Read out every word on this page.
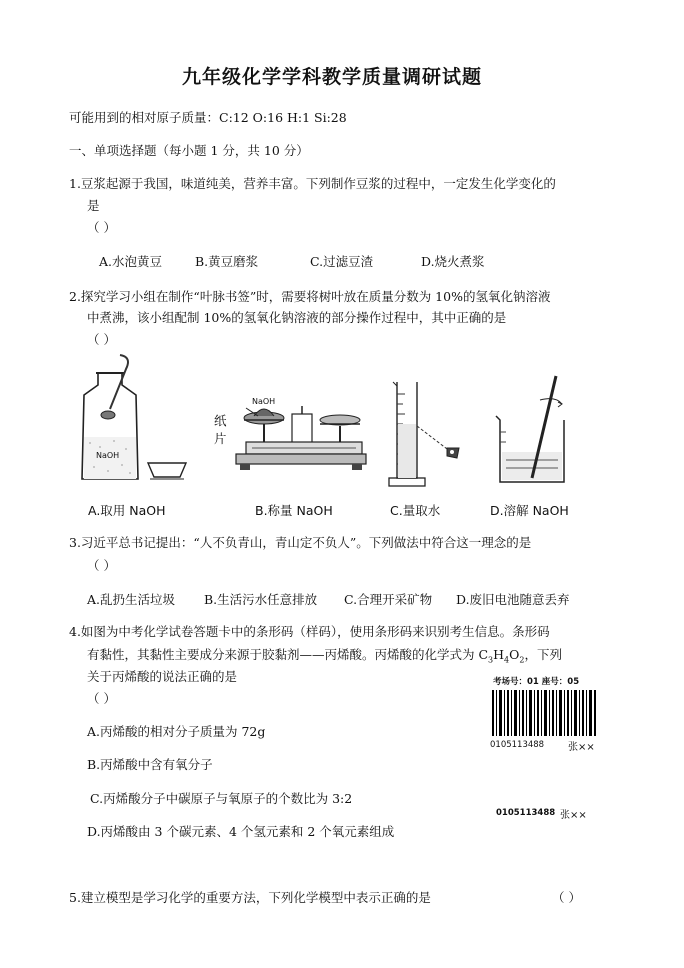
九年级化学学科教学质量调研试题
可能用到的相对原子质量：C:12 O:16 H:1 Si:28
一、单项选择题（每小题 1 分，共 10 分）
1.豆浆起源于我国，味道纯美，营养丰富。下列制作豆浆的过程中，一定发生化学变化的
是
（ ）
A.水泡黄豆	B.黄豆磨浆	C.过滤豆渣	D.烧火煮浆
2.探究学习小组在制作“叶脉书签”时，需要将树叶放在质量分数为 10%的氢氧化钠溶液
中煮沸，该小组配制 10%的氢氧化钠溶液的部分操作过程中，其中正确的是
（ ）
NaOH
NaOH
纸
片
A.取用 NaOH	B.称量 NaOH	C.量取水	D.溶解 NaOH
3.习近平总书记提出：“人不负青山，青山定不负人”。下列做法中符合这一理念的是
（ ）
A.乱扔生活垃圾 B.生活污水任意排放 C.合理开采矿物 D.废旧电池随意丢弃
4.如图为中考化学试卷答题卡中的条形码（样码），使用条形码来识别考生信息。条形码
有黏性，其黏性主要成分来源于胶黏剂——丙烯酸。丙烯酸的化学式为 $C_3H_4O_2$，下列
关于丙烯酸的说法正确的是
（ ）
考场号：01 座号：05
0105113488 张××
A.丙烯酸的相对分子质量为 72g
B.丙烯酸中含有氧分子
C.丙烯酸分子中碳原子与氧原子的个数比为 3:2
0105113488 张××
D.丙烯酸由 3 个碳元素、4 个氢元素和 2 个氧元素组成
5.建立模型是学习化学的重要方法，下列化学模型中表示正确的是	（ ）
